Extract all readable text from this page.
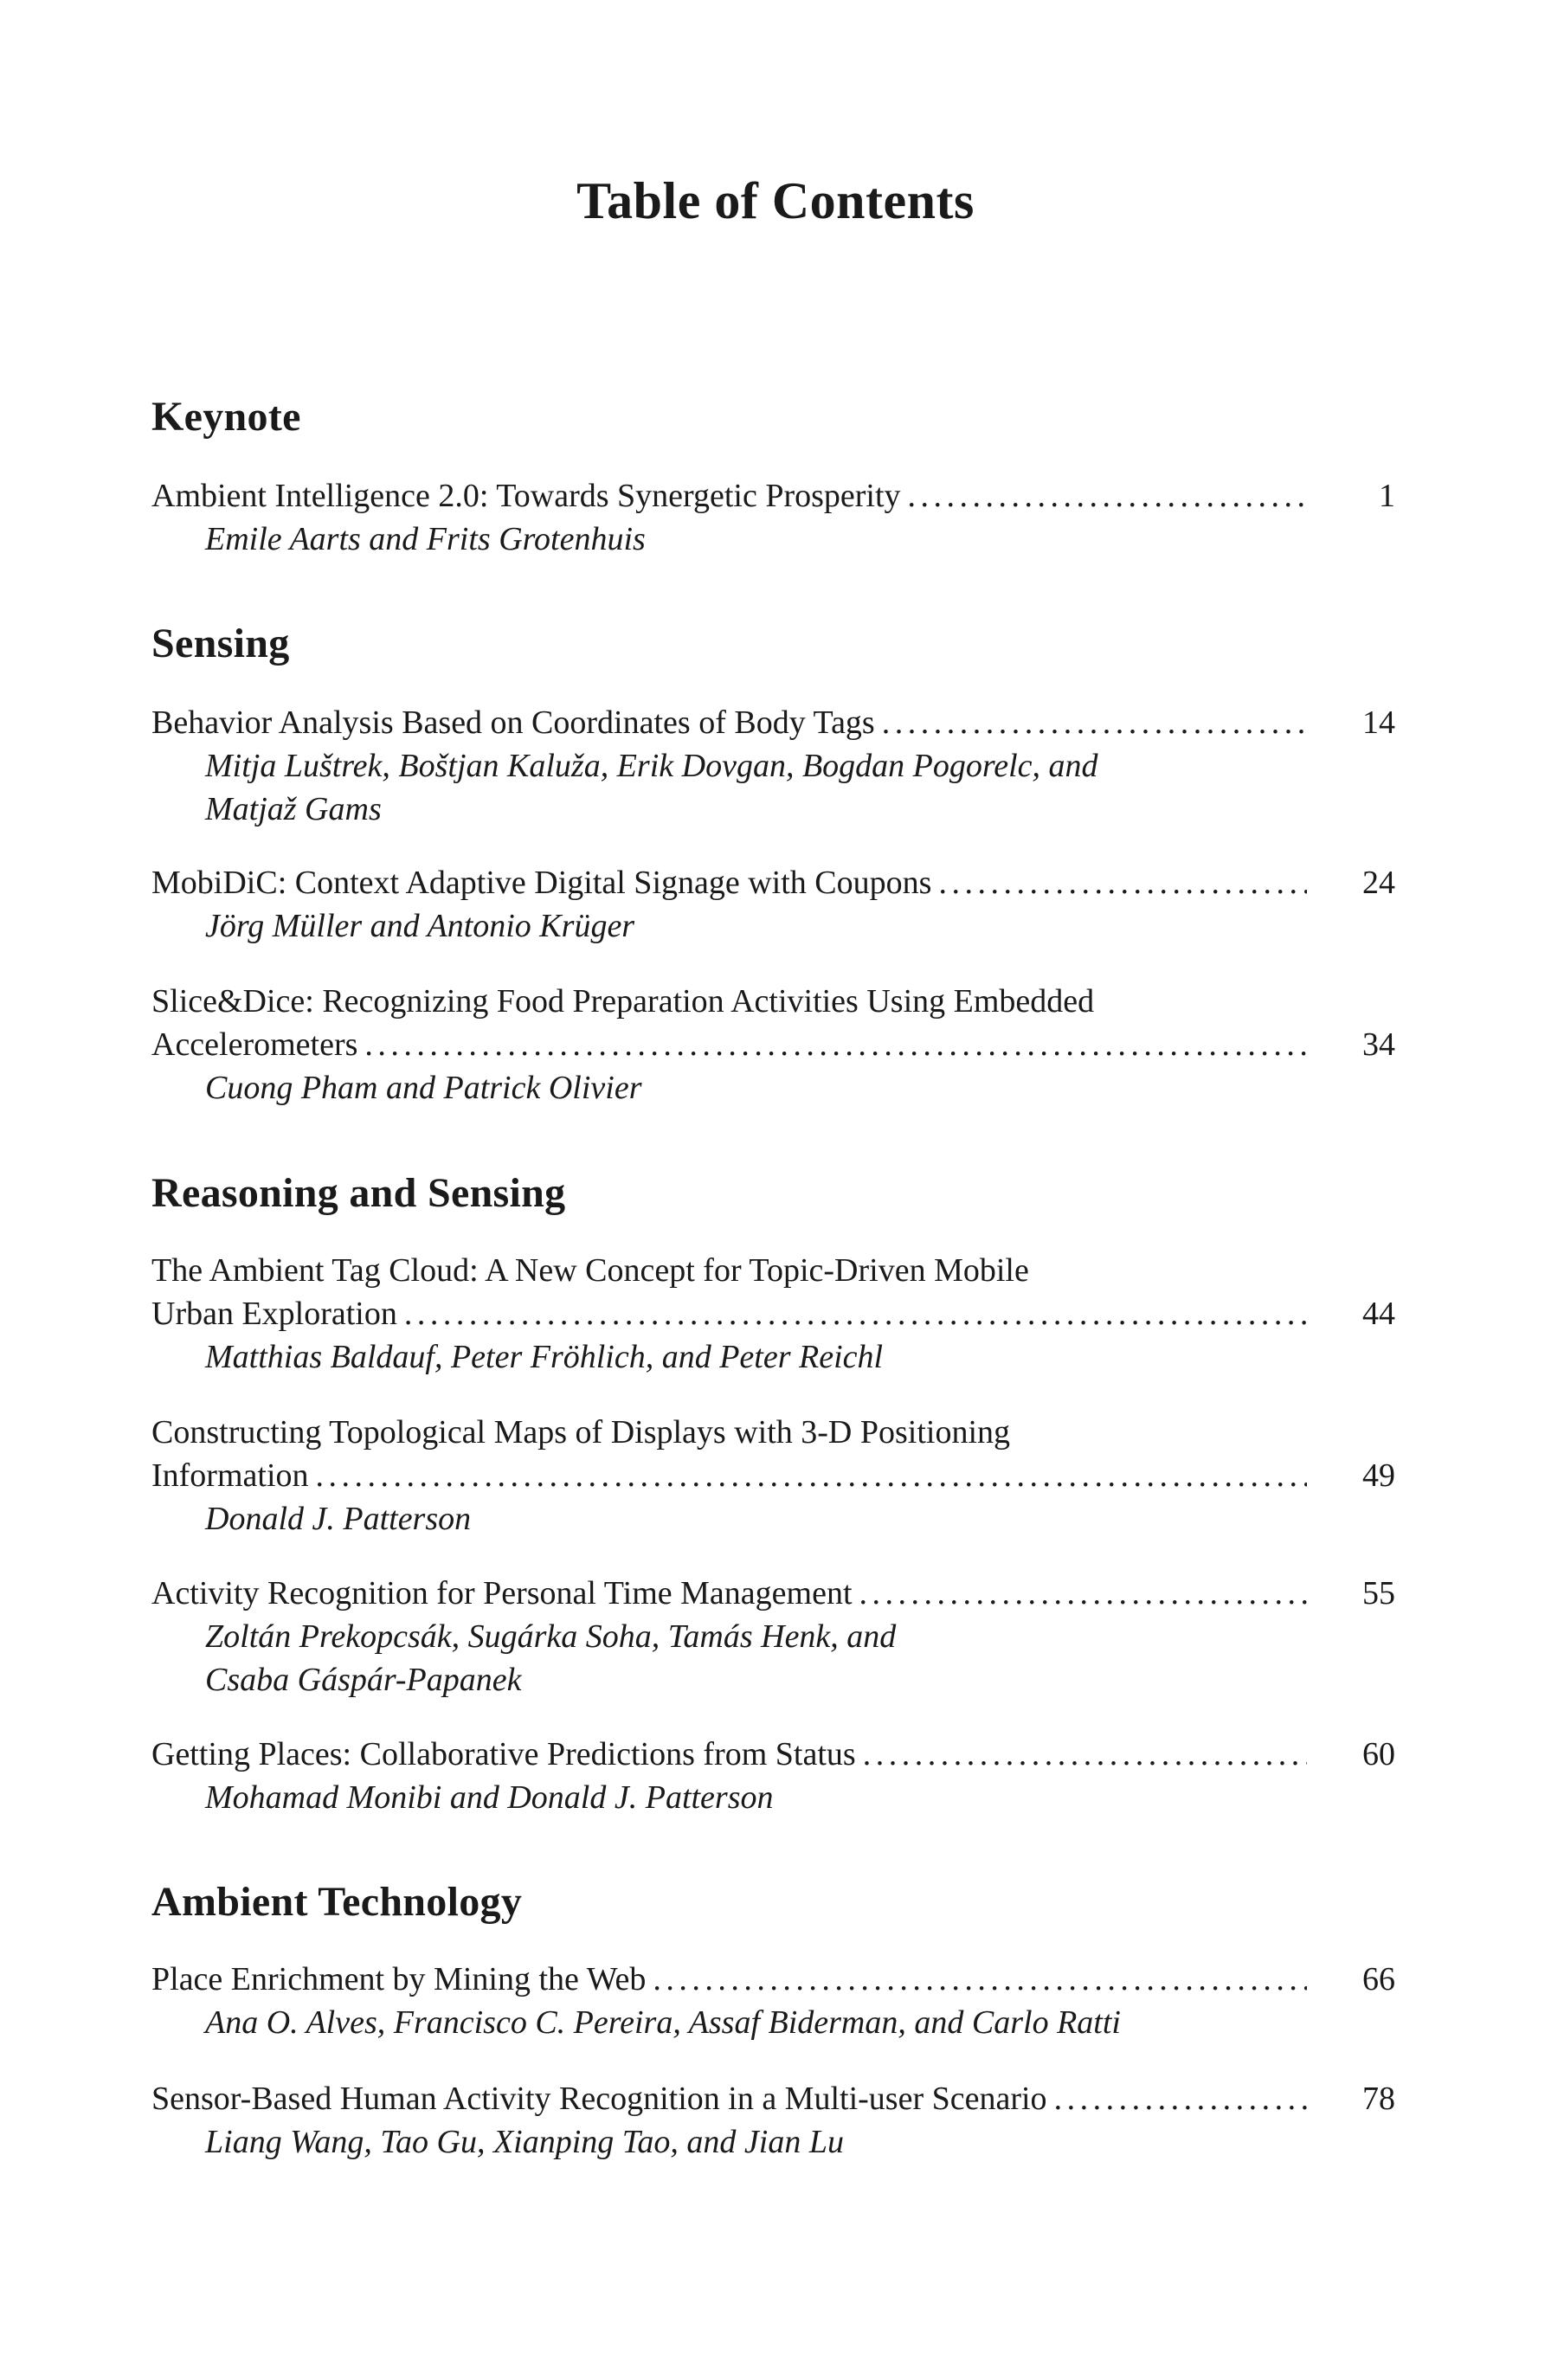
Table of Contents
Keynote
Ambient Intelligence 2.0: Towards Synergetic Prosperity . . .	1
Emile Aarts and Frits Grotenhuis
Sensing
Behavior Analysis Based on Coordinates of Body Tags . . .	14
Mitja Luštrek, Boštjan Kaluža, Erik Dovgan, Bogdan Pogorelc, and
Matjaž Gams
MobiDiC: Context Adaptive Digital Signage with Coupons . . .	24
Jörg Müller and Antonio Krüger
Slice&Dice: Recognizing Food Preparation Activities Using Embedded
Accelerometers . . .	34
Cuong Pham and Patrick Olivier
Reasoning and Sensing
The Ambient Tag Cloud: A New Concept for Topic-Driven Mobile
Urban Exploration . . .	44
Matthias Baldauf, Peter Fröhlich, and Peter Reichl
Constructing Topological Maps of Displays with 3-D Positioning
Information . . .	49
Donald J. Patterson
Activity Recognition for Personal Time Management . . .	55
Zoltán Prekopcsák, Sugárka Soha, Tamás Henk, and
Csaba Gáspár-Papanek
Getting Places: Collaborative Predictions from Status . . .	60
Mohamad Monibi and Donald J. Patterson
Ambient Technology
Place Enrichment by Mining the Web . . .	66
Ana O. Alves, Francisco C. Pereira, Assaf Biderman, and Carlo Ratti
Sensor-Based Human Activity Recognition in a Multi-user Scenario . . .	78
Liang Wang, Tao Gu, Xianping Tao, and Jian Lu
